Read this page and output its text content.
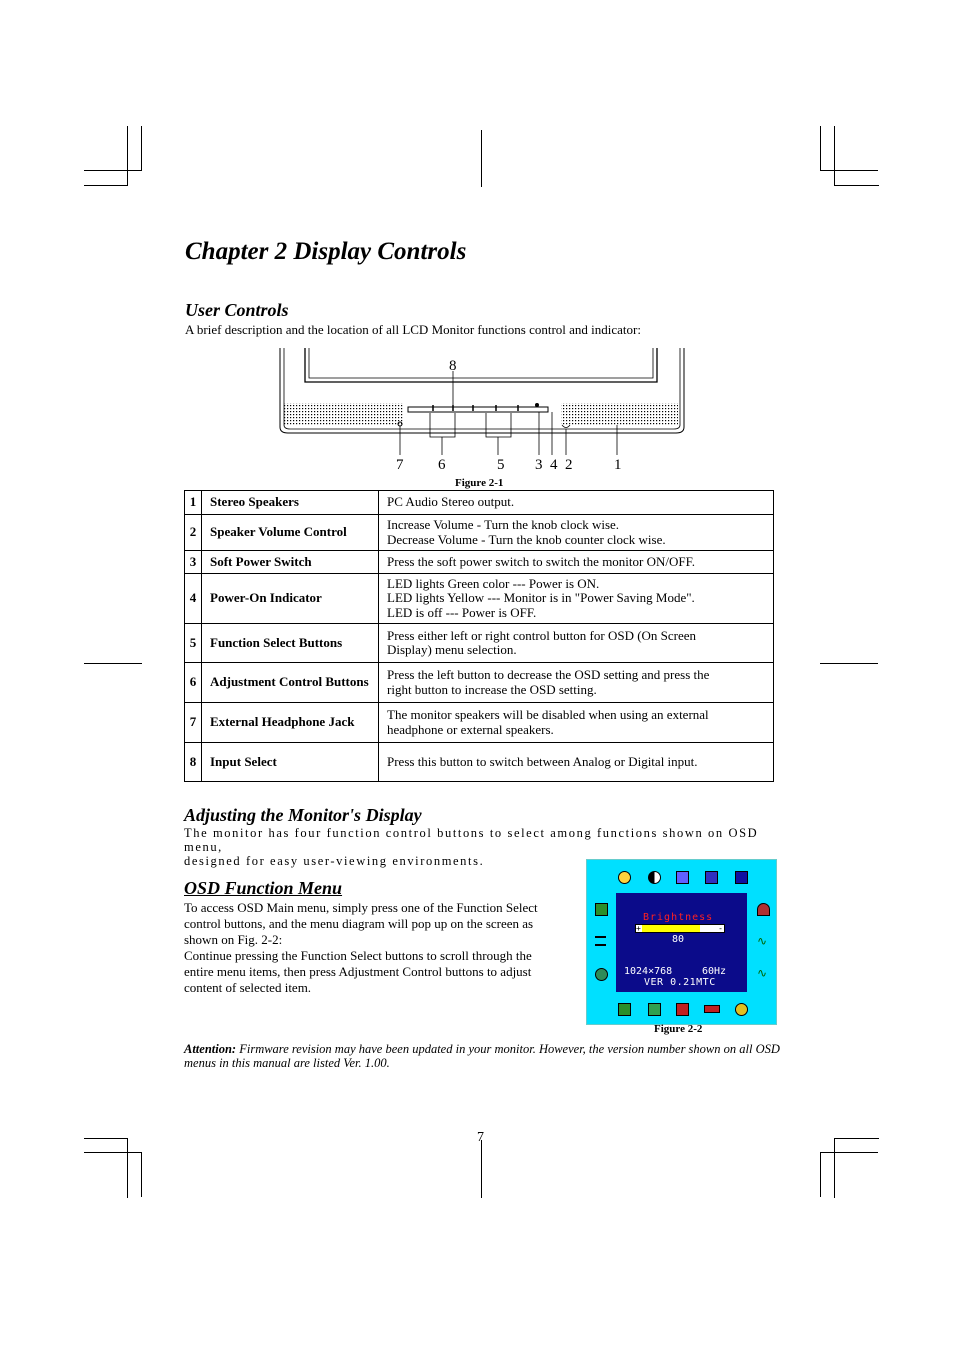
Chapter 2 Display Controls
User Controls
A brief description and the location of all LCD Monitor functions control and indicator:
8
7 6	5 3 4 2	1
Figure 2-1
1	Stereo Speakers	PC Audio Stereo output.
2	Speaker Volume Control	Increase Volume - Turn the knob clock wise.
Decrease Volume - Turn the knob counter clock wise.

3	Soft Power Switch	Press the soft power switch to switch the monitor ON/OFF.
4	Power-On Indicator	LED lights Green color --- Power is ON.
LED lights Yellow --- Monitor is in "Power Saving Mode".
LED is off --- Power is OFF.

5	Function Select Buttons	Press either left or right control button for OSD (On Screen
Display) menu selection.

6	Adjustment Control Buttons	Press the left button to decrease the OSD setting and press the
right button to increase the OSD setting.

7	External Headphone Jack	The monitor speakers will be disabled when using an external
headphone or external speakers.

8	Input Select	Press this button to switch between Analog or Digital input.
Adjusting the Monitor's Display
The monitor has four function control buttons to select among functions shown on OSD menu,
designed for easy user-viewing environments.
OSD Function Menu
To access OSD Main menu, simply press one of the Function Select
control buttons, and the menu diagram will pop up on the screen as
shown on Fig. 2-2:
Continue pressing the Function Select buttons to scroll through the
entire menu items, then press Adjustment Control buttons to adjust
content of selected item.
∿
∿
Brightness
+	-
80
1024×768	60Hz
VER 0.21MTC
Figure 2-2
Attention: Firmware revision may have been updated in your monitor. However, the version number shown on all OSD menus in this manual are listed Ver. 1.00.
7
